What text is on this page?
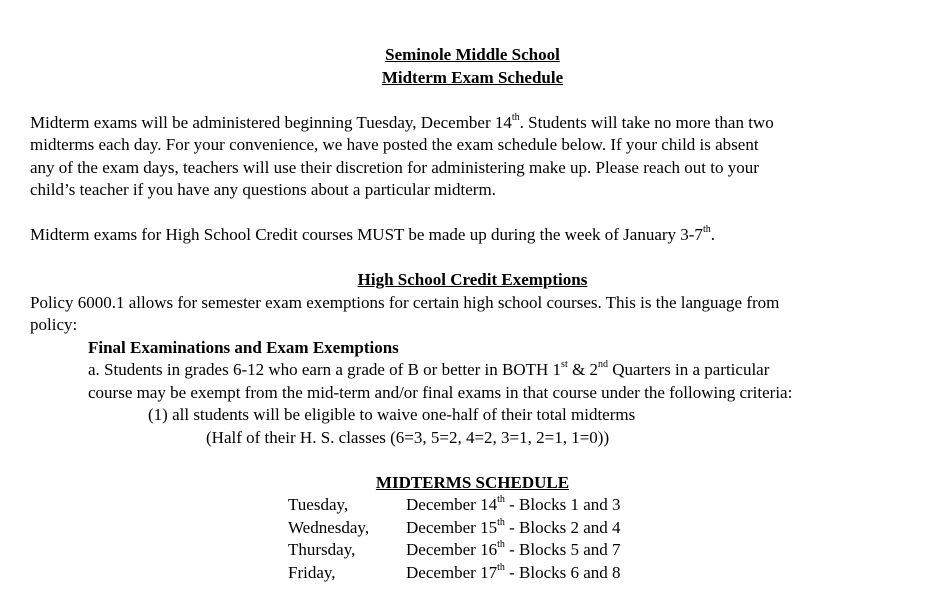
Seminole Middle School

Midterm Exam Schedule

Midterm exams will be administered beginning Tuesday, December 14th. Students will take no more than two

midterms each day. For your convenience, we have posted the exam schedule below. If your child is absent

any of the exam days, teachers will use their discretion for administering make up. Please reach out to your

child’s teacher if you have any questions about a particular midterm.

Midterm exams for High School Credit courses MUST be made up during the week of January 3-7th.

High School Credit Exemptions

Policy 6000.1 allows for semester exam exemptions for certain high school courses. This is the language from

policy:

Final Examinations and Exam Exemptions

a. Students in grades 6-12 who earn a grade of B or better in BOTH 1st & 2nd Quarters in a particular

course may be exempt from the mid-term and/or final exams in that course under the following criteria:

(1) all students will be eligible to waive one-half of their total midterms

(Half of their H. S. classes (6=3, 5=2, 4=2, 3=1, 2=1, 1=0))

MIDTERMS SCHEDULE

Tuesday,	December 14th - Blocks 1 and 3
Wednesday,	December 15th - Blocks 2 and 4
Thursday,	December 16th - Blocks 5 and 7
Friday,	December 17th - Blocks 6 and 8
